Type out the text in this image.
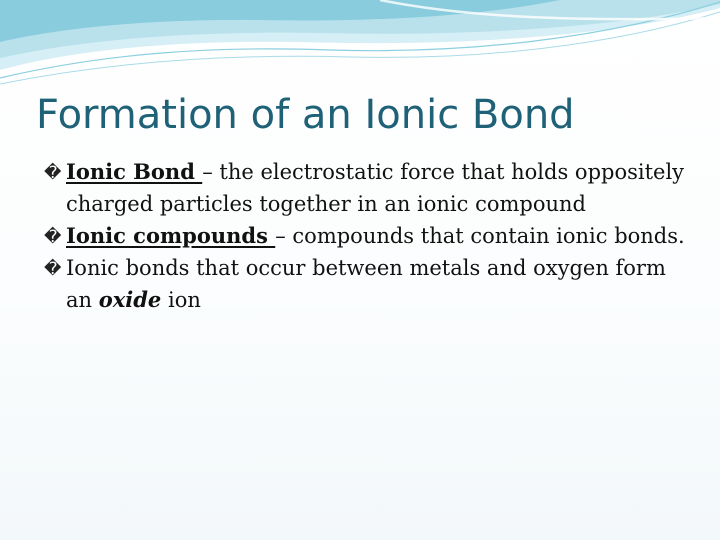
Formation of an Ionic Bond
� Ionic Bond – the electrostatic force that holds oppositely charged particles together in an ionic compound
� Ionic compounds – compounds that contain ionic bonds.
� Ionic bonds that occur between metals and oxygen form an oxide ion
